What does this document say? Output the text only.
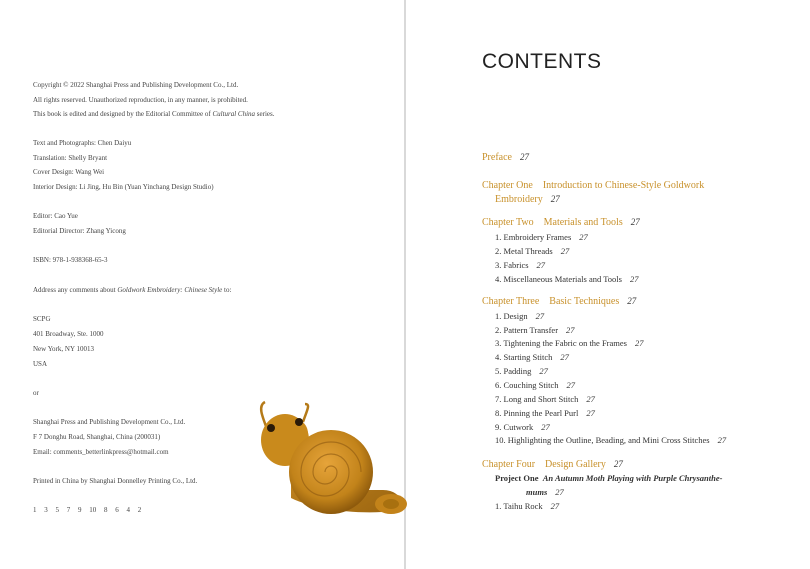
Copyright © 2022 Shanghai Press and Publishing Development Co., Ltd.
All rights reserved. Unauthorized reproduction, in any manner, is prohibited.
This book is edited and designed by the Editorial Committee of Cultural China series.
Text and Photographs: Chen Daiyu
Translation: Shelly Bryant
Cover Design: Wang Wei
Interior Design: Li Jing, Hu Bin (Yuan Yinchang Design Studio)
Editor: Cao Yue
Editorial Director: Zhang Yicong
ISBN: 978-1-938368-65-3
Address any comments about Goldwork Embroidery: Chinese Style to:
SCPG
401 Broadway, Ste. 1000
New York, NY 10013
USA
or
Shanghai Press and Publishing Development Co., Ltd.
F 7 Donghu Road, Shanghai, China (200031)
Email: comments_betterlinkpress@hotmail.com
Printed in China by Shanghai Donnelley Printing Co., Ltd.
1 3 5 7 9 10 8 6 4 2
CONTENTS
Preface 27
Chapter One Introduction to Chinese-Style Goldwork
Embroidery 27
Chapter Two Materials and Tools 27
1. Embroidery Frames 27
2. Metal Threads 27
3. Fabrics 27
4. Miscellaneous Materials and Tools 27
Chapter Three Basic Techniques 27
1. Design 27
2. Pattern Transfer 27
3. Tightening the Fabric on the Frames 27
4. Starting Stitch 27
5. Padding 27
6. Couching Stitch 27
7. Long and Short Stitch 27
8. Pinning the Pearl Purl 27
9. Cutwork 27
10. Highlighting the Outline, Beading, and Mini Cross Stitches 27
Chapter Four Design Gallery 27
Project One An Autumn Moth Playing with Purple Chrysanthe-
mums 27
1. Taihu Rock 27
